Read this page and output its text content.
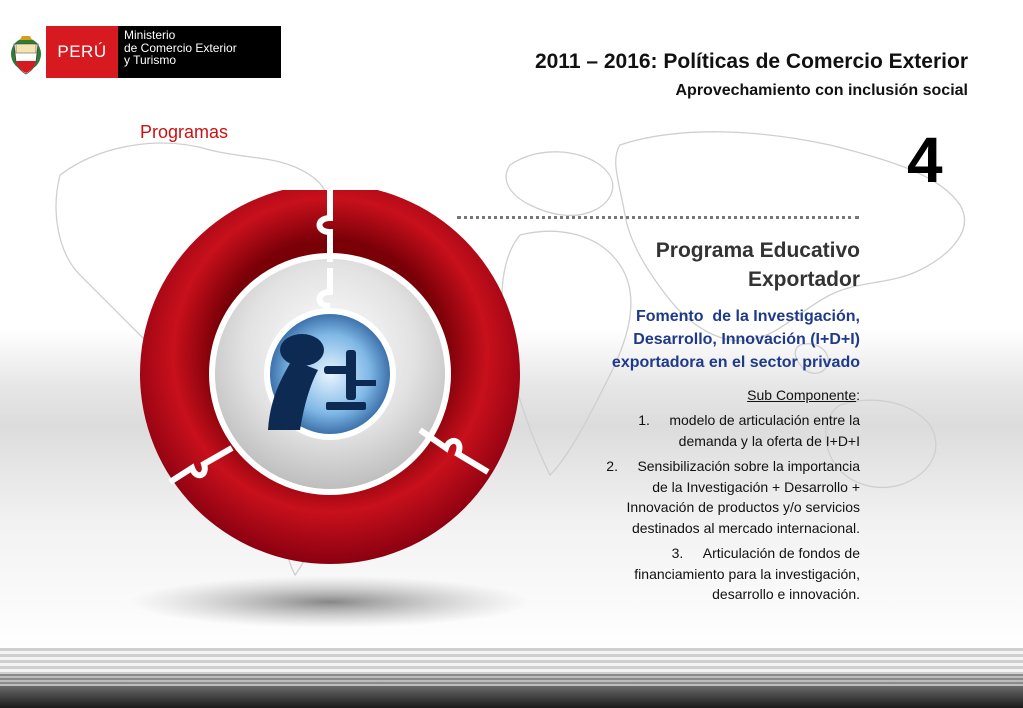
PERÚ
Ministerio
de Comercio Exterior
y Turismo	2011 – 2016: Políticas de Comercio Exterior
Aprovechamiento con inclusión social
Programas	4
Programa Educativo
Exportador
Fomento  de la Investigación,
Desarrollo, Innovación (I+D+I)
exportadora en el sector privado
Sub Componente:
1. modelo de articulación entre la
demanda y la oferta de I+D+I
2. Sensibilización sobre la importancia
de la Investigación + Desarrollo +
Innovación de productos y/o servicios
destinados al mercado internacional.
3. Articulación de fondos de
financiamiento para la investigación,
desarrollo e innovación.
